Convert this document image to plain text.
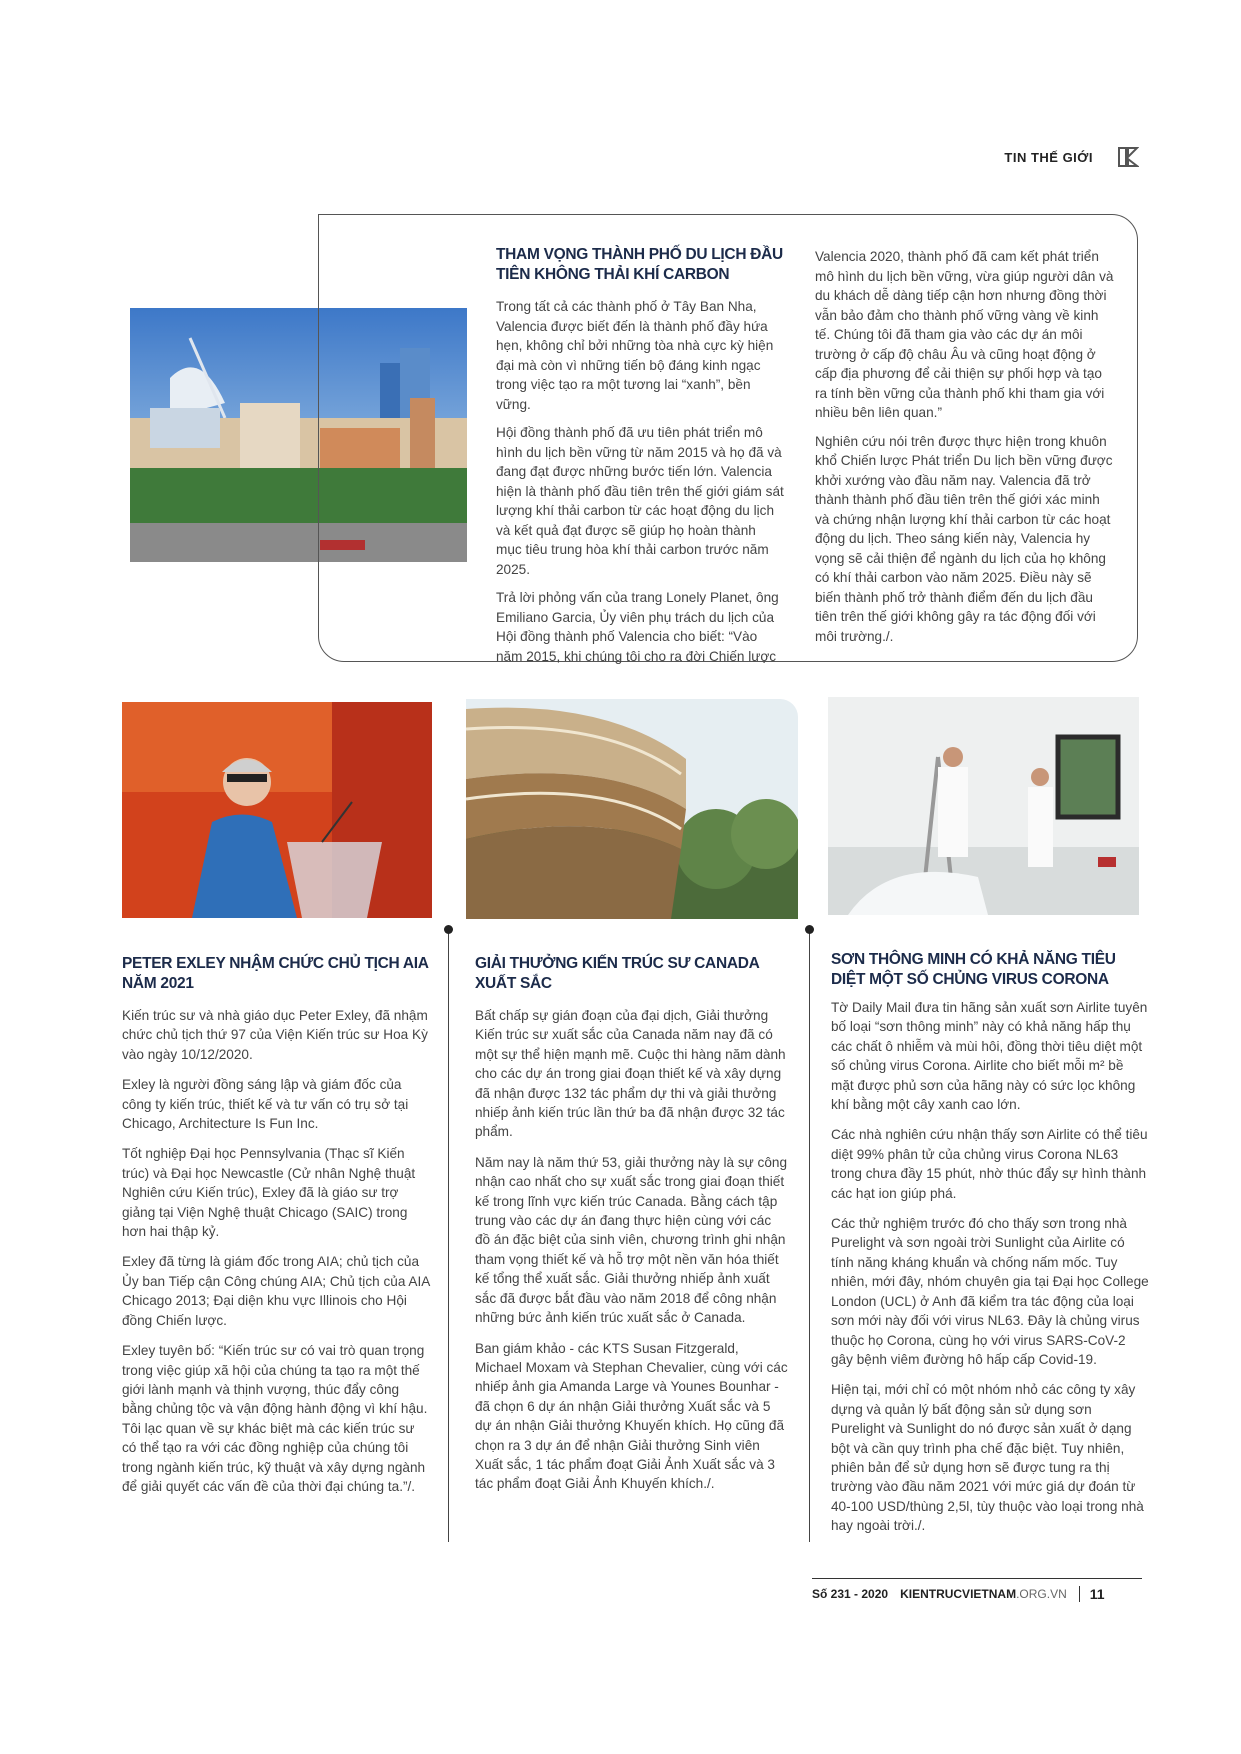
TIN THẾ GIỚI
THAM VỌNG THÀNH PHỐ DU LỊCH ĐẦU TIÊN KHÔNG THẢI KHÍ CARBON

Trong tất cả các thành phố ở Tây Ban Nha, Valencia được biết đến là thành phố đầy hứa hẹn, không chỉ bởi những tòa nhà cực kỳ hiện đại mà còn vì những tiến bộ đáng kinh ngạc trong việc tạo ra một tương lai “xanh”, bền vững.

Hội đồng thành phố đã ưu tiên phát triển mô hình du lịch bền vững từ năm 2015 và họ đã và đang đạt được những bước tiến lớn. Valencia hiện là thành phố đầu tiên trên thế giới giám sát lượng khí thải carbon từ các hoạt động du lịch và kết quả đạt được sẽ giúp họ hoàn thành mục tiêu trung hòa khí thải carbon trước năm 2025.

Trả lời phỏng vấn của trang Lonely Planet, ông Emiliano Garcia, Ủy viên phụ trách du lịch của Hội đồng thành phố Valencia cho biết: “Vào năm 2015, khi chúng tôi cho ra đời Chiến lược

Valencia 2020, thành phố đã cam kết phát triển mô hình du lịch bền vững, vừa giúp người dân và du khách dễ dàng tiếp cận hơn nhưng đồng thời vẫn bảo đảm cho thành phố vững vàng về kinh tế. Chúng tôi đã tham gia vào các dự án môi trường ở cấp độ châu Âu và cũng hoạt động ở cấp địa phương để cải thiện sự phối hợp và tạo ra tính bền vững của thành phố khi tham gia với nhiều bên liên quan.”

Nghiên cứu nói trên được thực hiện trong khuôn khổ Chiến lược Phát triển Du lịch bền vững được khởi xướng vào đầu năm nay. Valencia đã trở thành thành phố đầu tiên trên thế giới xác minh và chứng nhận lượng khí thải carbon từ các hoạt động du lịch. Theo sáng kiến này, Valencia hy vọng sẽ cải thiện để ngành du lịch của họ không có khí thải carbon vào năm 2025. Điều này sẽ biến thành phố trở thành điểm đến du lịch đầu tiên trên thế giới không gây ra tác động đối với môi trường./.

PETER EXLEY NHẬM CHỨC CHỦ TỊCH AIA NĂM 2021

Kiến trúc sư và nhà giáo dục Peter Exley, đã nhậm chức chủ tịch thứ 97 của Viện Kiến trúc sư Hoa Kỳ vào ngày 10/12/2020.

Exley là người đồng sáng lập và giám đốc của công ty kiến trúc, thiết kế và tư vấn có trụ sở tại Chicago, Architecture Is Fun Inc.

Tốt nghiệp Đại học Pennsylvania (Thạc sĩ Kiến trúc) và Đại học Newcastle (Cử nhân Nghệ thuật Nghiên cứu Kiến trúc), Exley đã là giáo sư trợ giảng tại Viện Nghệ thuật Chicago (SAIC) trong hơn hai thập kỷ.

Exley đã từng là giám đốc trong AIA; chủ tịch của Ủy ban Tiếp cận Công chúng AIA; Chủ tịch của AIA Chicago 2013; Đại diện khu vực Illinois cho Hội đồng Chiến lược.

Exley tuyên bố: “Kiến trúc sư có vai trò quan trọng trong việc giúp xã hội của chúng ta tạo ra một thế giới lành mạnh và thịnh vượng, thúc đẩy công bằng chủng tộc và vận động hành động vì khí hậu. Tôi lạc quan về sự khác biệt mà các kiến trúc sư có thể tạo ra với các đồng nghiệp của chúng tôi trong ngành kiến trúc, kỹ thuật và xây dựng ngành để giải quyết các vấn đề của thời đại chúng ta.”/.

GIẢI THƯỞNG KIẾN TRÚC SƯ CANADA XUẤT SẮC

Bất chấp sự gián đoạn của đại dịch, Giải thưởng Kiến trúc sư xuất sắc của Canada năm nay đã có một sự thể hiện mạnh mẽ. Cuộc thi hàng năm dành cho các dự án trong giai đoạn thiết kế và xây dựng đã nhận được 132 tác phẩm dự thi và giải thưởng nhiếp ảnh kiến trúc lần thứ ba đã nhận được 32 tác phẩm.

Năm nay là năm thứ 53, giải thưởng này là sự công nhận cao nhất cho sự xuất sắc trong giai đoạn thiết kế trong lĩnh vực kiến trúc Canada. Bằng cách tập trung vào các dự án đang thực hiện cùng với các đồ án đặc biệt của sinh viên, chương trình ghi nhận tham vọng thiết kế và hỗ trợ một nền văn hóa thiết kế tổng thể xuất sắc. Giải thưởng nhiếp ảnh xuất sắc đã được bắt đầu vào năm 2018 để công nhận những bức ảnh kiến trúc xuất sắc ở Canada.

Ban giám khảo - các KTS Susan Fitzgerald, Michael Moxam và Stephan Chevalier, cùng với các nhiếp ảnh gia Amanda Large và Younes Bounhar - đã chọn 6 dự án nhận Giải thưởng Xuất sắc và 5 dự án nhận Giải thưởng Khuyến khích. Họ cũng đã chọn ra 3 dự án để nhận Giải thưởng Sinh viên Xuất sắc, 1 tác phẩm đoạt Giải Ảnh Xuất sắc và 3 tác phẩm đoạt Giải Ảnh Khuyến khích./.

SƠN THÔNG MINH CÓ KHẢ NĂNG TIÊU DIỆT MỘT SỐ CHỦNG VIRUS CORONA

Tờ Daily Mail đưa tin hãng sản xuất sơn Airlite tuyên bố loại “sơn thông minh” này có khả năng hấp thụ các chất ô nhiễm và mùi hôi, đồng thời tiêu diệt một số chủng virus Corona. Airlite cho biết mỗi m² bề mặt được phủ sơn của hãng này có sức lọc không khí bằng một cây xanh cao lớn.

Các nhà nghiên cứu nhận thấy sơn Airlite có thể tiêu diệt 99% phân tử của chủng virus Corona NL63 trong chưa đầy 15 phút, nhờ thúc đẩy sự hình thành các hạt ion giúp phá.

Các thử nghiệm trước đó cho thấy sơn trong nhà Purelight và sơn ngoài trời Sunlight của Airlite có tính năng kháng khuẩn và chống nấm mốc. Tuy nhiên, mới đây, nhóm chuyên gia tại Đại học College London (UCL) ở Anh đã kiểm tra tác động của loại sơn mới này đối với virus NL63. Đây là chủng virus thuộc họ Corona, cùng họ với virus SARS-CoV-2 gây bệnh viêm đường hô hấp cấp Covid-19.

Hiện tại, mới chỉ có một nhóm nhỏ các công ty xây dựng và quản lý bất động sản sử dụng sơn Purelight và Sunlight do nó được sản xuất ở dạng bột và cần quy trình pha chế đặc biệt. Tuy nhiên, phiên bản để sử dụng hơn sẽ được tung ra thị trường vào đầu năm 2021 với mức giá dự đoán từ 40-100 USD/thùng 2,5l, tùy thuộc vào loại trong nhà hay ngoài trời./.

Số 231 - 2020 KIENTRUCVIETNAM.ORG.VN 11
